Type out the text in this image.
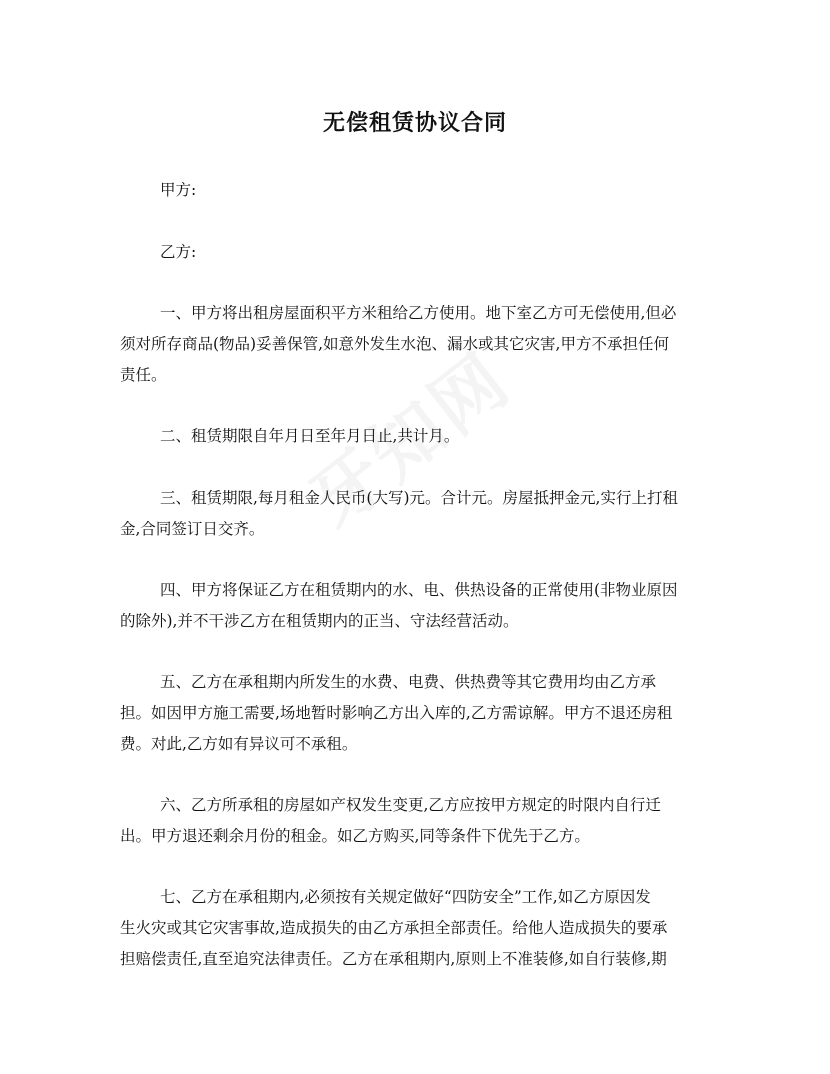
无偿租赁协议合同
甲方:
乙方:
一、甲方将出租房屋面积平方米租给乙方使用。地下室乙方可无偿使用,但必
须对所存商品(物品)妥善保管,如意外发生水泡、漏水或其它灾害,甲方不承担任何
责任。
二、租赁期限自年月日至年月日止,共计月。
三、租赁期限,每月租金人民币(大写)元。合计元。房屋抵押金元,实行上打租
金,合同签订日交齐。
四、甲方将保证乙方在租赁期内的水、电、供热设备的正常使用(非物业原因
的除外),并不干涉乙方在租赁期内的正当、守法经营活动。
五、乙方在承租期内所发生的水费、电费、供热费等其它费用均由乙方承
担。如因甲方施工需要,场地暂时影响乙方出入库的,乙方需谅解。甲方不退还房租
费。对此,乙方如有异议可不承租。
六、乙方所承租的房屋如产权发生变更,乙方应按甲方规定的时限内自行迁
出。甲方退还剩余月份的租金。如乙方购买,同等条件下优先于乙方。
七、乙方在承租期内,必须按有关规定做好“四防安全”工作,如乙方原因发
生火灾或其它灾害事故,造成损失的由乙方承担全部责任。给他人造成损失的要承
担赔偿责任,直至追究法律责任。乙方在承租期内,原则上不准装修,如自行装修,期
